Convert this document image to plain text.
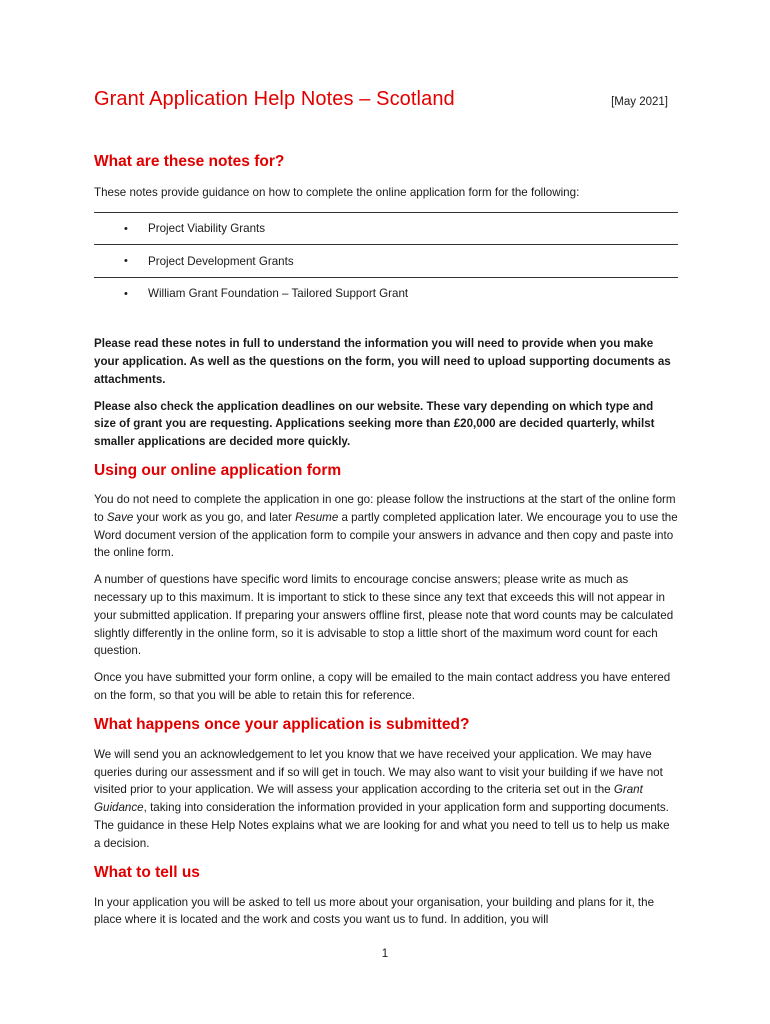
Grant Application Help Notes – Scotland	[May 2021]
What are these notes for?

These notes provide guidance on how to complete the online application form for the following:

•	Project Viability Grants
•	Project Development Grants
•	William Grant Foundation – Tailored Support Grant

Please read these notes in full to understand the information you will need to provide when you make your application. As well as the questions on the form, you will need to upload supporting documents as attachments.

Please also check the application deadlines on our website. These vary depending on which type and size of grant you are requesting. Applications seeking more than £20,000 are decided quarterly, whilst smaller applications are decided more quickly.

Using our online application form

You do not need to complete the application in one go: please follow the instructions at the start of the online form to Save your work as you go, and later Resume a partly completed application later. We encourage you to use the Word document version of the application form to compile your answers in advance and then copy and paste into the online form.

A number of questions have specific word limits to encourage concise answers; please write as much as necessary up to this maximum. It is important to stick to these since any text that exceeds this will not appear in your submitted application. If preparing your answers offline first, please note that word counts may be calculated slightly differently in the online form, so it is advisable to stop a little short of the maximum word count for each question.

Once you have submitted your form online, a copy will be emailed to the main contact address you have entered on the form, so that you will be able to retain this for reference.

What happens once your application is submitted?

We will send you an acknowledgement to let you know that we have received your application. We may have queries during our assessment and if so will get in touch. We may also want to visit your building if we have not visited prior to your application. We will assess your application according to the criteria set out in the Grant Guidance, taking into consideration the information provided in your application form and supporting documents. The guidance in these Help Notes explains what we are looking for and what you need to tell us to help us make a decision.

What to tell us

In your application you will be asked to tell us more about your organisation, your building and plans for it, the place where it is located and the work and costs you want us to fund. In addition, you will

1
